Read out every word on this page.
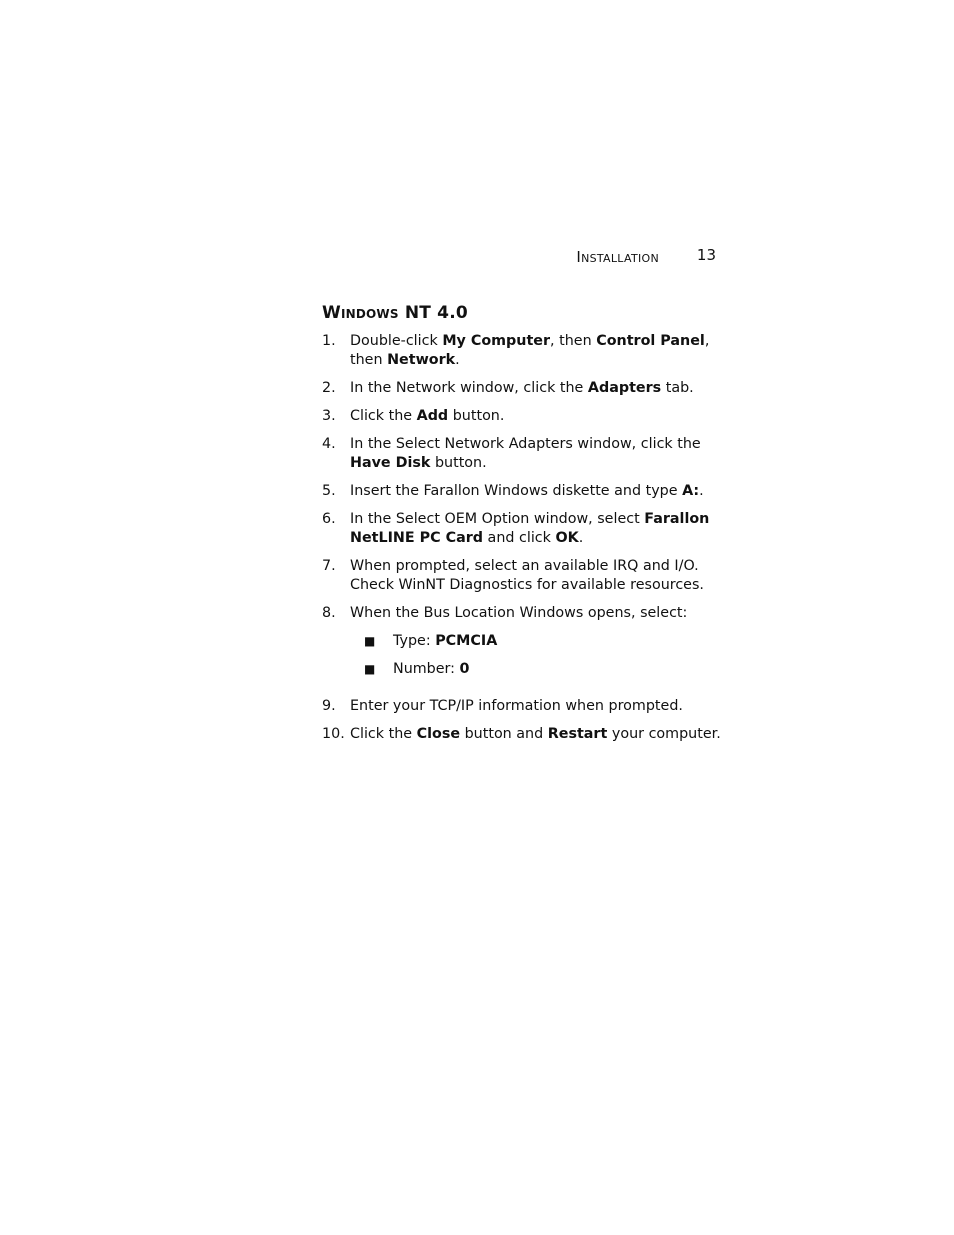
Installation	13
Windows NT 4.0
1.	Double-click My Computer, then Control Panel, then Network.
2.	In the Network window, click the Adapters tab.
3.	Click the Add button.
4.	In the Select Network Adapters window, click the Have Disk button.
5.	Insert the Farallon Windows diskette and type A:.
6.	In the Select OEM Option window, select Farallon NetLINE PC Card and click OK.
7.	When prompted, select an available IRQ and I/O. Check WinNT Diagnostics for available resources.
8.	When the Bus Location Windows opens, select:
■	Type: PCMCIA
■	Number: 0
9.	Enter your TCP/IP information when prompted.
10. Click the Close button and Restart your computer.
